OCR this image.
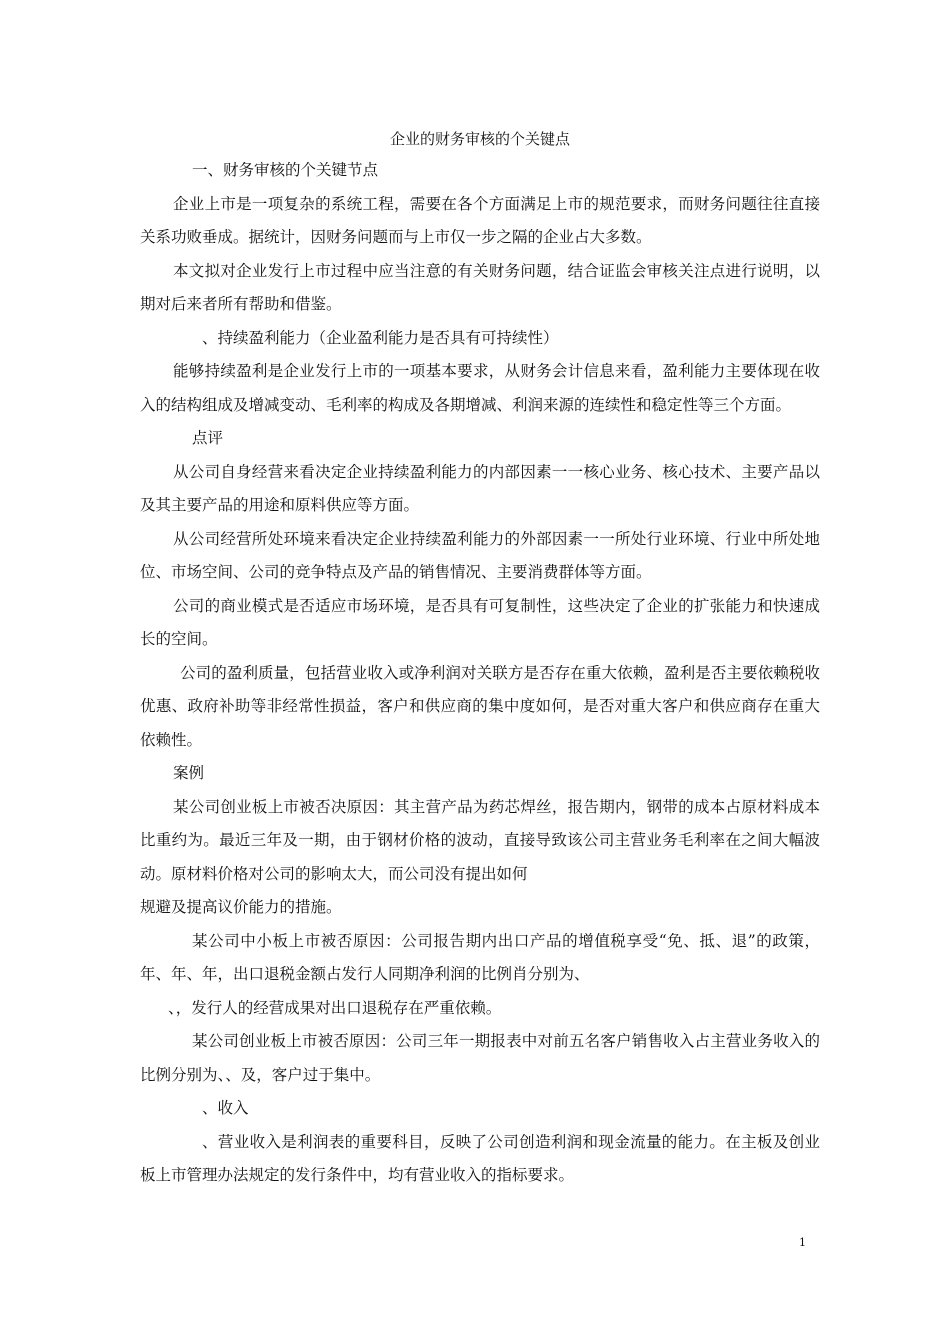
企业的财务审核的个关键点

一、财务审核的个关键节点

企业上市是一项复杂的系统工程，需要在各个方面满足上市的规范要求，而财务问题往往直接关系功败垂成。据统计，因财务问题而与上市仅一步之隔的企业占大多数。

本文拟对企业发行上市过程中应当注意的有关财务问题，结合证监会审核关注点进行说明，以期对后来者所有帮助和借鉴。

、持续盈利能力（企业盈利能力是否具有可持续性）

能够持续盈利是企业发行上市的一项基本要求，从财务会计信息来看，盈利能力主要体现在收入的结构组成及增减变动、毛利率的构成及各期增减、利润来源的连续性和稳定性等三个方面。

点评

从公司自身经营来看决定企业持续盈利能力的内部因素一一核心业务、核心技术、主要产品以及其主要产品的用途和原料供应等方面。

从公司经营所处环境来看决定企业持续盈利能力的外部因素一一所处行业环境、行业中所处地位、市场空间、公司的竞争特点及产品的销售情况、主要消费群体等方面。

公司的商业模式是否适应市场环境，是否具有可复制性，这些决定了企业的扩张能力和快速成长的空间。

公司的盈利质量，包括营业收入或净利润对关联方是否存在重大依赖，盈利是否主要依赖税收优惠、政府补助等非经常性损益，客户和供应商的集中度如何，是否对重大客户和供应商存在重大依赖性。

案例

某公司创业板上市被否决原因：其主营产品为药芯焊丝，报告期内，钢带的成本占原材料成本比重约为。最近三年及一期，由于钢材价格的波动，直接导致该公司主营业务毛利率在之间大幅波动。原材料价格对公司的影响太大，而公司没有提出如何

规避及提高议价能力的措施。

某公司中小板上市被否原因：公司报告期内出口产品的增值税享受“免、抵、退”的政策，年、年、年，出口退税金额占发行人同期净利润的比例肖分别为、

、，发行人的经营成果对出口退税存在严重依赖。

某公司创业板上市被否原因：公司三年一期报表中对前五名客户销售收入占主营业务收入的比例分别为、、及，客户过于集中。

、收入

、营业收入是利润表的重要科目，反映了公司创造利润和现金流量的能力。在主板及创业板上市管理办法规定的发行条件中，均有营业收入的指标要求。

1
